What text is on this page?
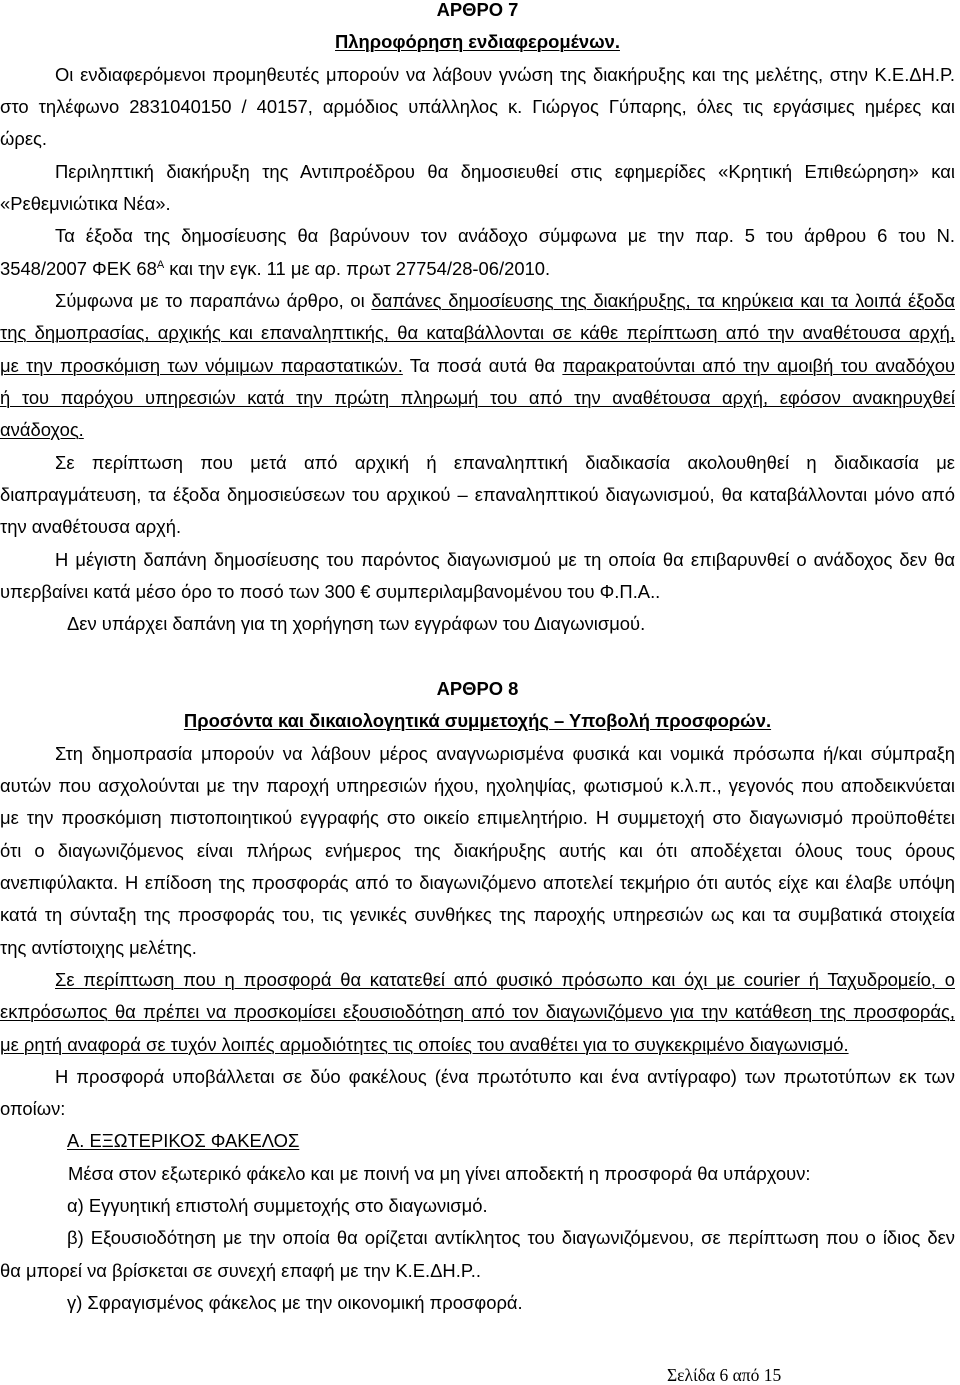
ΑΡΘΡΟ 7
Πληροφόρηση ενδιαφερομένων.
Οι ενδιαφερόμενοι προμηθευτές μπορούν να λάβουν γνώση της διακήρυξης και της μελέτης, στην Κ.Ε.ΔΗ.Ρ.
στο τηλέφωνο 2831040150 / 40157, αρμόδιος υπάλληλος κ. Γιώργος Γύπαρης, όλες τις εργάσιμες ημέρες και
ώρες.
Περιληπτική διακήρυξη της Αντιπροέδρου θα δημοσιευθεί στις εφημερίδες «Κρητική Επιθεώρηση» και
«Ρεθεμνιώτικα Νέα».
Τα έξοδα της δημοσίευσης θα βαρύνουν τον ανάδοχο σύμφωνα με την παρ. 5 του άρθρου 6 του Ν.
3548/2007 ΦΕΚ $68^A$ και την εγκ. 11 με αρ. πρωτ 27754/28-06/2010.
Σύμφωνα με το παραπάνω άρθρο, οι δαπάνες δημοσίευσης της διακήρυξης, τα κηρύκεια και τα λοιπά έξοδα
της δημοπρασίας, αρχικής και επαναληπτικής, θα καταβάλλονται σε κάθε περίπτωση από την αναθέτουσα αρχή,
με την προσκόμιση των νόμιμων παραστατικών. Τα ποσά αυτά θα παρακρατούνται από την αμοιβή του αναδόχου
ή του παρόχου υπηρεσιών κατά την πρώτη πληρωμή του από την αναθέτουσα αρχή, εφόσον ανακηρυχθεί
ανάδοχος.
Σε περίπτωση που μετά από αρχική ή επαναληπτική διαδικασία ακολουθηθεί η διαδικασία με
διαπραγμάτευση, τα έξοδα δημοσιεύσεων του αρχικού – επαναληπτικού διαγωνισμού, θα καταβάλλονται μόνο από
την αναθέτουσα αρχή.
Η μέγιστη δαπάνη δημοσίευσης του παρόντος διαγωνισμού με τη οποία θα επιβαρυνθεί ο ανάδοχος δεν θα
υπερβαίνει κατά μέσο όρο το ποσό των 300 € συμπεριλαμβανομένου του Φ.Π.Α..
Δεν υπάρχει δαπάνη για τη χορήγηση των εγγράφων του Διαγωνισμού.
ΑΡΘΡΟ 8
Προσόντα και δικαιολογητικά συμμετοχής – Υποβολή προσφορών.
Στη δημοπρασία μπορούν να λάβουν μέρος αναγνωρισμένα φυσικά και νομικά πρόσωπα ή/και σύμπραξη
αυτών που ασχολούνται με την παροχή υπηρεσιών ήχου, ηχοληψίας, φωτισμού κ.λ.π., γεγονός που αποδεικνύεται
με την προσκόμιση πιστοποιητικού εγγραφής στο οικείο επιμελητήριο. Η συμμετοχή στο διαγωνισμό προϋποθέτει
ότι ο διαγωνιζόμενος είναι πλήρως ενήμερος της διακήρυξης αυτής και ότι αποδέχεται όλους τους όρους
ανεπιφύλακτα. Η επίδοση της προσφοράς από το διαγωνιζόμενο αποτελεί τεκμήριο ότι αυτός είχε και έλαβε υπόψη
κατά τη σύνταξη της προσφοράς του, τις γενικές συνθήκες της παροχής υπηρεσιών ως και τα συμβατικά στοιχεία
της αντίστοιχης μελέτης.
Σε περίπτωση που η προσφορά θα κατατεθεί από φυσικό πρόσωπο και όχι με courier ή Ταχυδρομείο, ο
εκπρόσωπος θα πρέπει να προσκομίσει εξουσιοδότηση από τον διαγωνιζόμενο για την κατάθεση της προσφοράς,
με ρητή αναφορά σε τυχόν λοιπές αρμοδιότητες τις οποίες του αναθέτει για το συγκεκριμένο διαγωνισμό.
Η προσφορά υποβάλλεται σε δύο φακέλους (ένα πρωτότυπο και ένα αντίγραφο) των πρωτοτύπων εκ των
οποίων:
Α. ΕΞΩΤΕΡΙΚΟΣ ΦΑΚΕΛΟΣ
Μέσα στον εξωτερικό φάκελο και με ποινή να μη γίνει αποδεκτή η προσφορά θα υπάρχουν:
α) Εγγυητική επιστολή συμμετοχής στο διαγωνισμό.
β) Εξουσιοδότηση με την οποία θα ορίζεται αντίκλητος του διαγωνιζόμενου, σε περίπτωση που ο ίδιος δεν
θα μπορεί να βρίσκεται σε συνεχή επαφή με την Κ.Ε.ΔΗ.Ρ..
γ) Σφραγισμένος φάκελος με την οικονομική προσφορά.
Σελίδα 6 από 15
